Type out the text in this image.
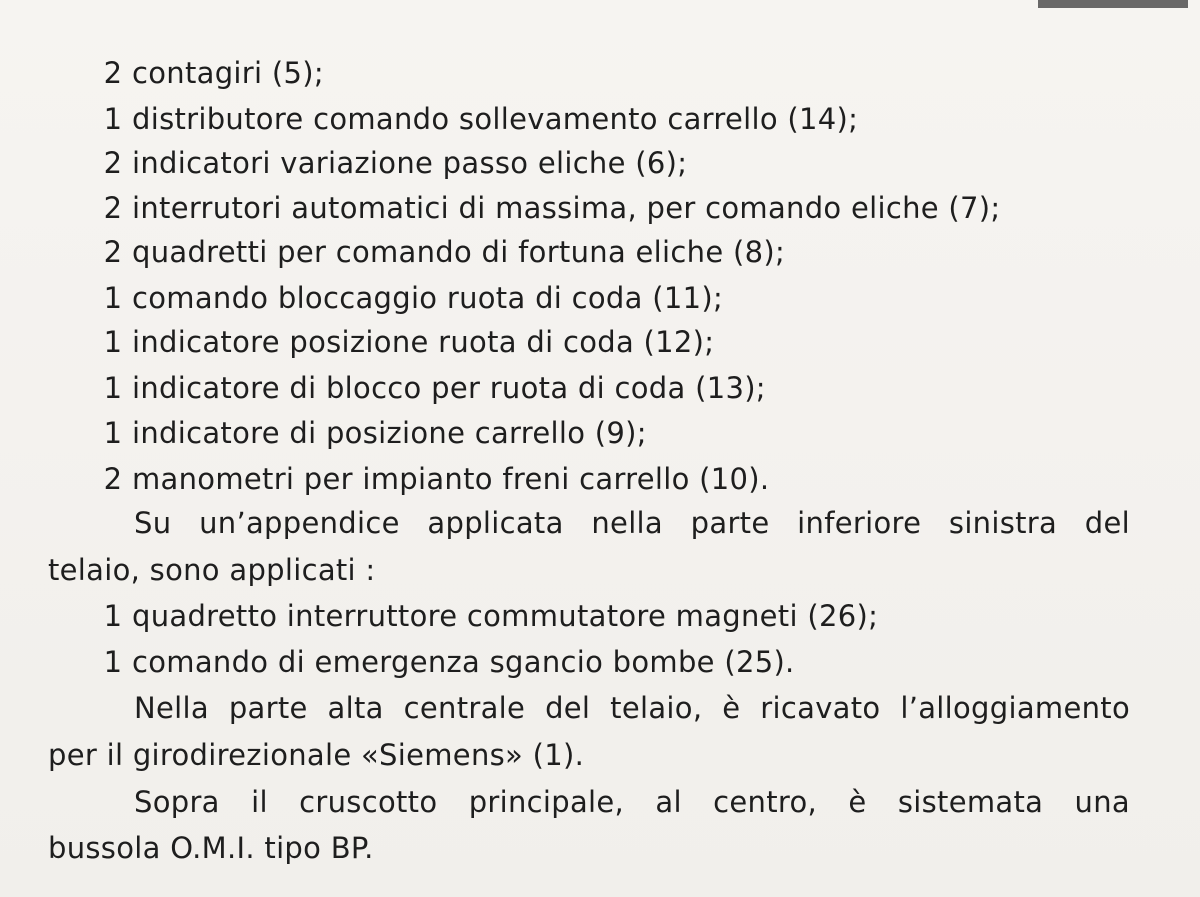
2 contagiri (5);
1 distributore comando sollevamento carrello (14);
2 indicatori variazione passo eliche (6);
2 interrutori automatici di massima, per comando eliche (7);
2 quadretti per comando di fortuna eliche (8);
1 comando bloccaggio ruota di coda (11);
1 indicatore posizione ruota di coda (12);
1 indicatore di blocco per ruota di coda (13);
1 indicatore di posizione carrello (9);
2 manometri per impianto freni carrello (10).
Su un’appendice applicata nella parte inferiore sinistra del
telaio, sono applicati :
1 quadretto interruttore commutatore magneti (26);
1 comando di emergenza sgancio bombe (25).
Nella parte alta centrale del telaio, è ricavato l’alloggiamento
per il girodirezionale «Siemens» (1).
Sopra il cruscotto principale, al centro, è sistemata una
bussola O.M.I. tipo BP.
